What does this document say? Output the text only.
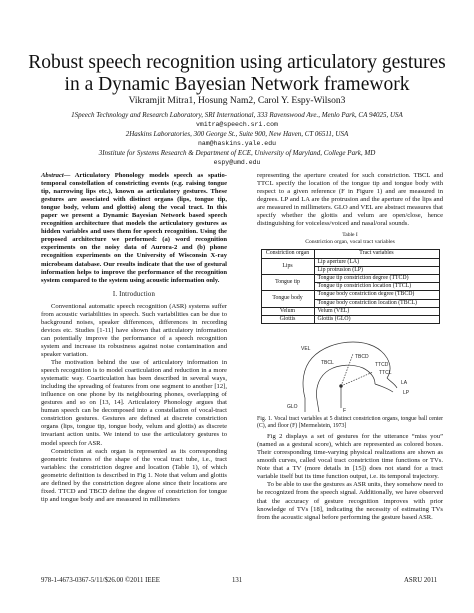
Robust speech recognition using articulatory gestures
in a Dynamic Bayesian Network framework
Vikramjit Mitra1, Hosung Nam2, Carol Y. Espy-Wilson3
1Speech Technology and Research Laboratory, SRI International, 333 Ravenswood Ave., Menlo Park, CA 94025, USA
vmitra@speech.sri.com
2Haskins Laboratories, 300 George St., Suite 900, New Haven, CT 06511, USA
nam@haskins.yale.edu
3Institute for Systems Research & Department of ECE, University of Maryland, College Park, MD
espy@umd.edu
Abstract— Articulatory Phonology models speech as spatio-temporal constellation of constricting events (e.g. raising tongue tip, narrowing lips etc.), known as articulatory gestures. These gestures are associated with distinct organs (lips, tongue tip, tongue body, velum and glottis) along the vocal tract. In this paper we present a Dynamic Bayesian Network based speech recognition architecture that models the articulatory gestures as hidden variables and uses them for speech recognition. Using the proposed architecture we performed: (a) word recognition experiments on the noisy data of Aurora-2 and (b) phone recognition experiments on the University of Wisconsin X-ray microbeam database. Our results indicate that the use of gestural information helps to improve the performance of the recognition system compared to the system using acoustic information only.
I. Introduction

Conventional automatic speech recognition (ASR) systems suffer from acoustic variabilities in speech. Such variabilities can be due to background noises, speaker differences, differences in recording devices etc. Studies [1-11] have shown that articulatory information can potentially improve the performance of a speech recognition system and increase its robustness against noise contamination and speaker variation.

The motivation behind the use of articulatory information in speech recognition is to model coarticulation and reduction in a more systematic way. Coarticulation has been described in several ways, including the spreading of features from one segment to another [12], influence on one phone by its neighbouring phones, overlapping of gestures and so on [13, 14]. Articulatory Phonology argues that human speech can be decomposed into a constellation of vocal-tract constriction gestures. Gestures are defined at discrete constriction organs (lips, tongue tip, tongue body, velum and glottis) as discrete invariant action units. We intend to use the articulatory gestures to model speech for ASR.

Constriction at each organ is represented as its corresponding geometric features of the shape of the vocal tract tube, i.e., tract variables: the constriction degree and location (Table 1), of which geometric definition is described in Fig 1. Note that velum and glottis are defined by the constriction degree alone since their locations are fixed. TTCD and TBCD define the degree of constriction for tongue tip and tongue body and are measured in millimeters

representing the aperture created for such constriction. TBCL and TTCL specify the location of the tongue tip and tongue body with respect to a given reference (F in Figure 1) and are measured in degrees. LP and LA are the protrusion and the aperture of the lips and are measured in millimeters. GLO and VEL are abstract measures that specify whether the glottis and velum are open/close, hence distinguishing for voiceless/voiced and nasal/oral sounds.

Table I
Constriction organ, vocal tract variables
Constriction organ	Tract variables
Lips	Lip aperture (LA)
	Lip protrusion (LP)
Tongue tip	Tongue tip constriction degree (TTCD)
	Tongue tip constriction location (TTCL)
Tongue body	Tongue body constriction degree (TBCD)
	Tongue body constriction location (TBCL)
Velum	Velum (VEL)
Glottis	Glottis (GLO)
VEL
LA
LP
TTCD
TTCL
TBCD
TBCL
GLO
F
Fig. 1. Vocal tract variables at 5 distinct constriction organs, tongue ball center (C), and floor (F) [Mermelstein, 1973]

Fig 2 displays a set of gestures for the utterance “miss you” (named as a gestural score), which are represented as colored boxes. Their corresponding time-varying physical realizations are shown as smooth curves, called vocal tract constriction time functions or TVs. Note that a TV (more details in [15]) does not stand for a tract variable itself but its time function output, i.e. its temporal trajectory.

To be able to use the gestures as ASR units, they somehow need to be recognized from the speech signal. Additionally, we have observed that the accuracy of gesture recognition improves with prior knowledge of TVs [18], indicating the necessity of estimating TVs from the acoustic signal before performing the gesture based ASR.

978-1-4673-0367-5/11/$26.00 ©2011 IEEE	131	ASRU 2011
